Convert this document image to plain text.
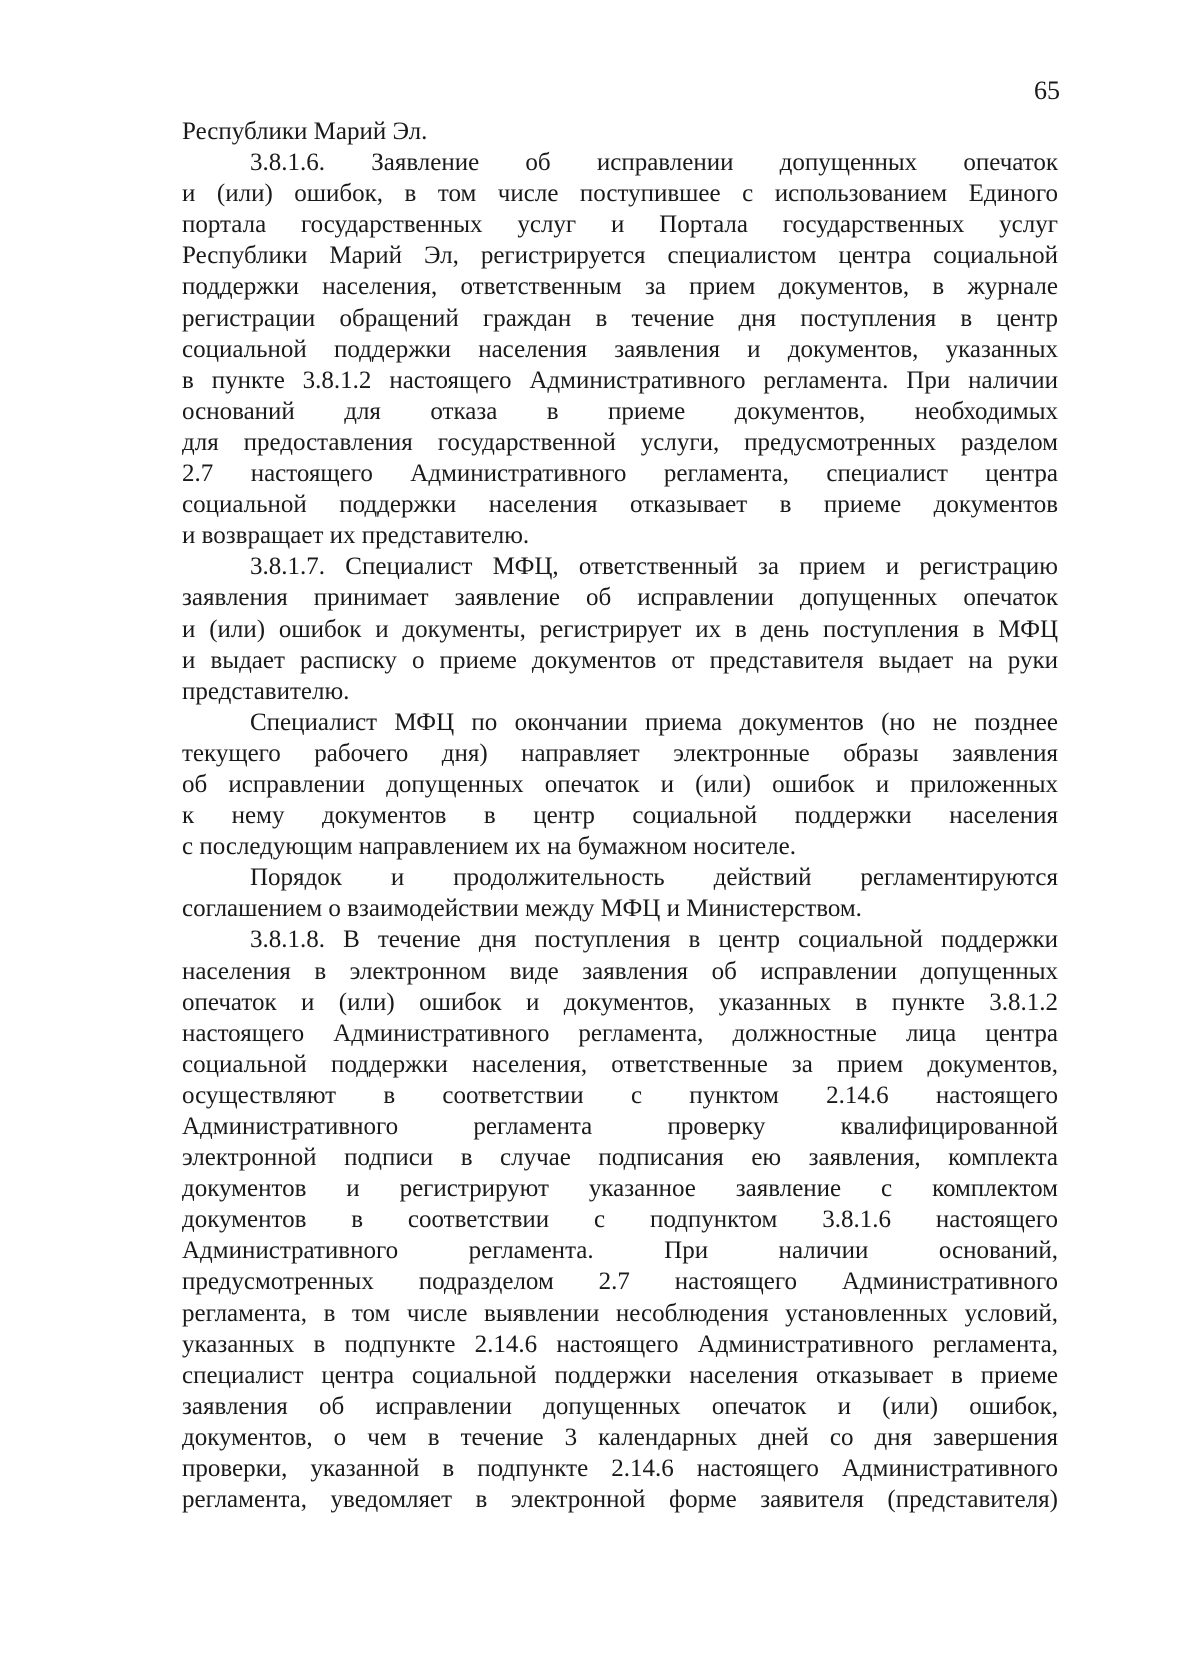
65
Республики Марий Эл.
3.8.1.6. Заявление об исправлении допущенных опечаток
и (или) ошибок, в том числе поступившее с использованием Единого
портала государственных услуг и Портала государственных услуг
Республики Марий Эл, регистрируется специалистом центра социальной
поддержки населения, ответственным за прием документов, в журнале
регистрации обращений граждан в течение дня поступления в центр
социальной поддержки населения заявления и документов, указанных
в пункте 3.8.1.2 настоящего Административного регламента. При наличии
оснований для отказа в приеме документов, необходимых
для предоставления государственной услуги, предусмотренных разделом
2.7 настоящего Административного регламента, специалист центра
социальной поддержки населения отказывает в приеме документов
и возвращает их представителю.
3.8.1.7. Специалист МФЦ, ответственный за прием и регистрацию
заявления принимает заявление об исправлении допущенных опечаток
и (или) ошибок и документы, регистрирует их в день поступления в МФЦ
и выдает расписку о приеме документов от представителя выдает на руки
представителю.
Специалист МФЦ по окончании приема документов (но не позднее
текущего рабочего дня) направляет электронные образы заявления
об исправлении допущенных опечаток и (или) ошибок и приложенных
к нему документов в центр социальной поддержки населения
с последующим направлением их на бумажном носителе.
Порядок и продолжительность действий регламентируются
соглашением о взаимодействии между МФЦ и Министерством.
3.8.1.8. В течение дня поступления в центр социальной поддержки
населения в электронном виде заявления об исправлении допущенных
опечаток и (или) ошибок и документов, указанных в пункте 3.8.1.2
настоящего Административного регламента, должностные лица центра
социальной поддержки населения, ответственные за прием документов,
осуществляют в соответствии с пунктом 2.14.6 настоящего
Административного регламента проверку квалифицированной
электронной подписи в случае подписания ею заявления, комплекта
документов и регистрируют указанное заявление с комплектом
документов в соответствии с подпунктом 3.8.1.6 настоящего
Административного регламента. При наличии оснований,
предусмотренных подразделом 2.7 настоящего Административного
регламента, в том числе выявлении несоблюдения установленных условий,
указанных в подпункте 2.14.6 настоящего Административного регламента,
специалист центра социальной поддержки населения отказывает в приеме
заявления об исправлении допущенных опечаток и (или) ошибок,
документов, о чем в течение 3 календарных дней со дня завершения
проверки, указанной в подпункте 2.14.6 настоящего Административного
регламента, уведомляет в электронной форме заявителя (представителя)
